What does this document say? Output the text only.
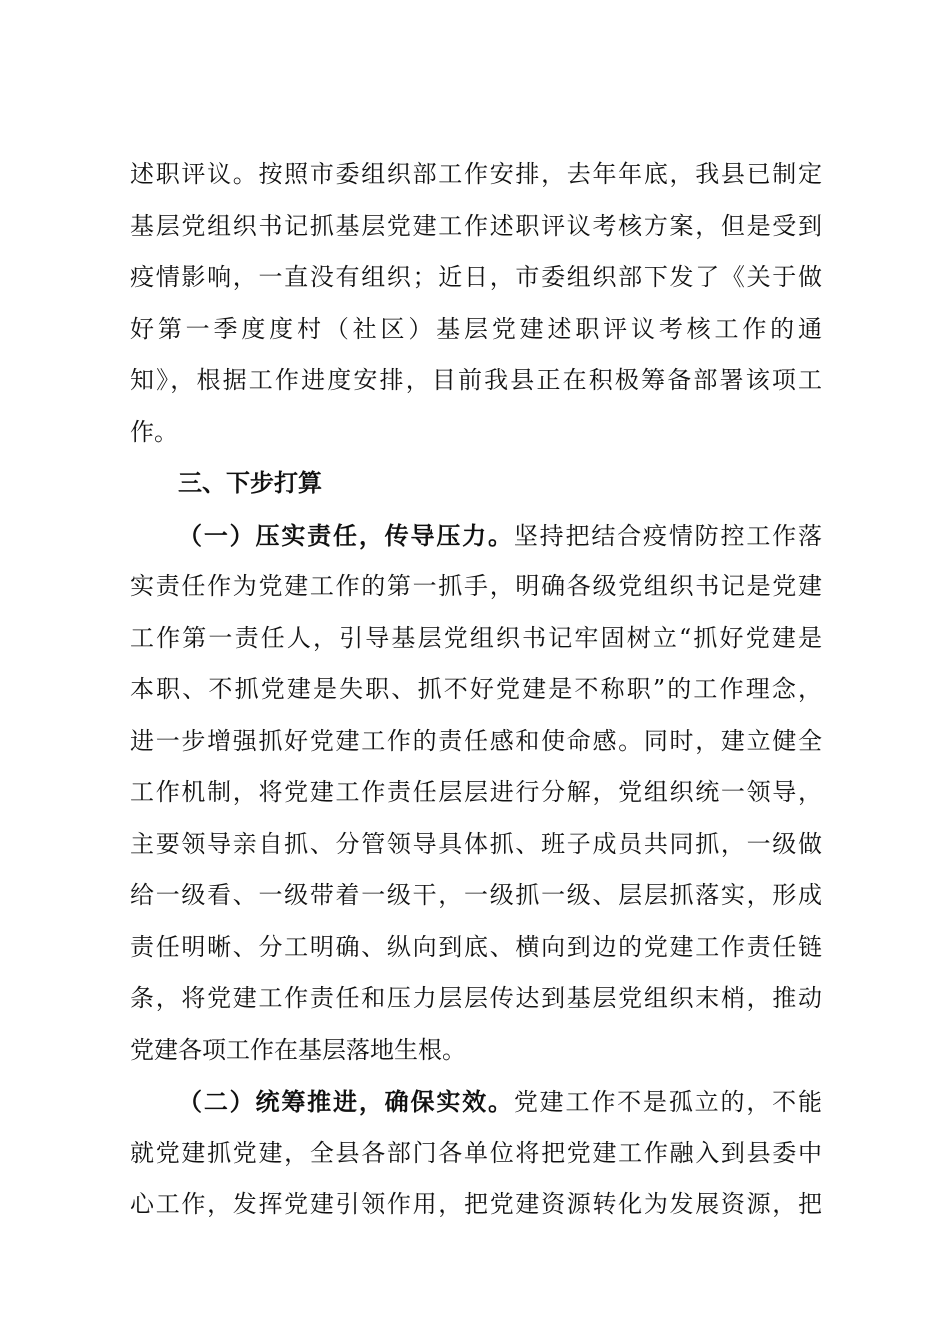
述职评议。按照市委组织部工作安排，去年年底，我县已制定
基层党组织书记抓基层党建工作述职评议考核方案，但是受到
疫情影响，一直没有组织；近日，市委组织部下发了《关于做
好第一季度度村（社区）基层党建述职评议考核工作的通
知》，根据工作进度安排，目前我县正在积极筹备部署该项工
作。
三、下步打算
（一）压实责任，传导压力。坚持把结合疫情防控工作落
实责任作为党建工作的第一抓手，明确各级党组织书记是党建
工作第一责任人，引导基层党组织书记牢固树立“抓好党建是
本职、不抓党建是失职、抓不好党建是不称职”的工作理念，
进一步增强抓好党建工作的责任感和使命感。同时，建立健全
工作机制，将党建工作责任层层进行分解，党组织统一领导，
主要领导亲自抓、分管领导具体抓、班子成员共同抓，一级做
给一级看、一级带着一级干，一级抓一级、层层抓落实，形成
责任明晰、分工明确、纵向到底、横向到边的党建工作责任链
条，将党建工作责任和压力层层传达到基层党组织末梢，推动
党建各项工作在基层落地生根。
（二）统筹推进，确保实效。党建工作不是孤立的，不能
就党建抓党建，全县各部门各单位将把党建工作融入到县委中
心工作，发挥党建引领作用，把党建资源转化为发展资源，把
